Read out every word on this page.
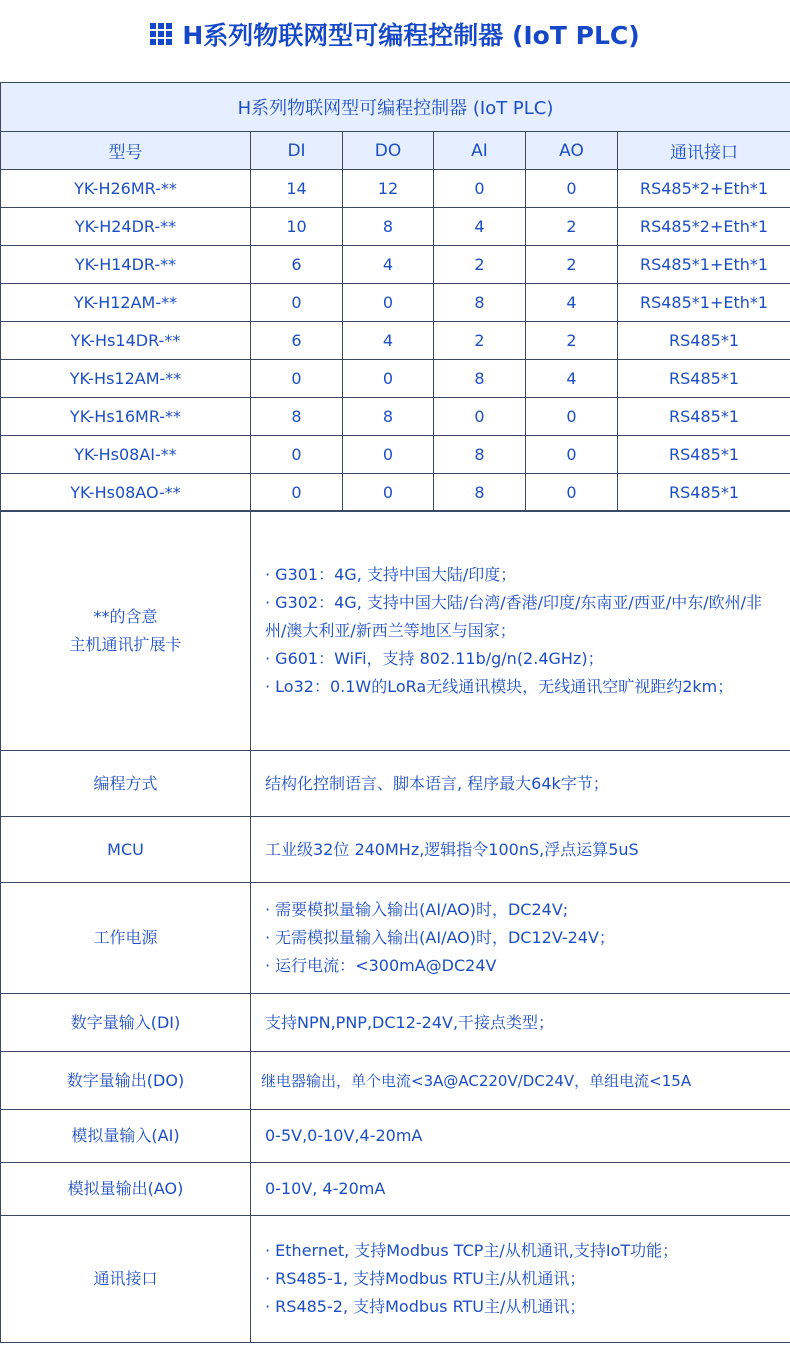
H系列物联网型可编程控制器 (IoT PLC)
H系列物联网型可编程控制器 (IoT PLC)					
型号	DI	DO	AI	AO	通讯接口
YK-H26MR-**	14	12	0	0	RS485*2+Eth*1
YK-H24DR-**	10	8	4	2	RS485*2+Eth*1
YK-H14DR-**	6	4	2	2	RS485*1+Eth*1
YK-H12AM-**	0	0	8	4	RS485*1+Eth*1
YK-Hs14DR-**	6	4	2	2	RS485*1
YK-Hs12AM-**	0	0	8	4	RS485*1
YK-Hs16MR-**	8	8	0	0	RS485*1
YK-Hs08AI-**	0	0	8	0	RS485*1
YK-Hs08AO-**	0	0	8	0	RS485*1
**的含意
主机通讯扩展卡	· G301：4G, 支持中国大陆/印度；
· G302：4G, 支持中国大陆/台湾/香港/印度/东南亚/西亚/中东/欧州/非州/澳大利亚/新西兰等地区与国家；
· G601：WiFi，支持 802.11b/g/n(2.4GHz)；
· Lo32：0.1W的LoRa无线通讯模块，无线通讯空旷视距约2km；

编程方式	结构化控制语言、脚本语言, 程序最大64k字节；
MCU	工业级32位 240MHz,逻辑指令100nS,浮点运算5uS
工作电源	· 需要模拟量输入输出(AI/AO)时，DC24V;
· 无需模拟量输入输出(AI/AO)时，DC12V-24V；
· 运行电流：<300mA@DC24V

数字量输入(DI)	支持NPN,PNP,DC12-24V,干接点类型；
数字量输出(DO)	继电器输出，单个电流<3A@AC220V/DC24V，单组电流<15A
模拟量输入(AI)	0-5V,0-10V,4-20mA
模拟量输出(AO)	0-10V, 4-20mA
通讯接口	· Ethernet, 支持Modbus TCP主/从机通讯,支持IoT功能；
· RS485-1, 支持Modbus RTU主/从机通讯；
· RS485-2, 支持Modbus RTU主/从机通讯；
